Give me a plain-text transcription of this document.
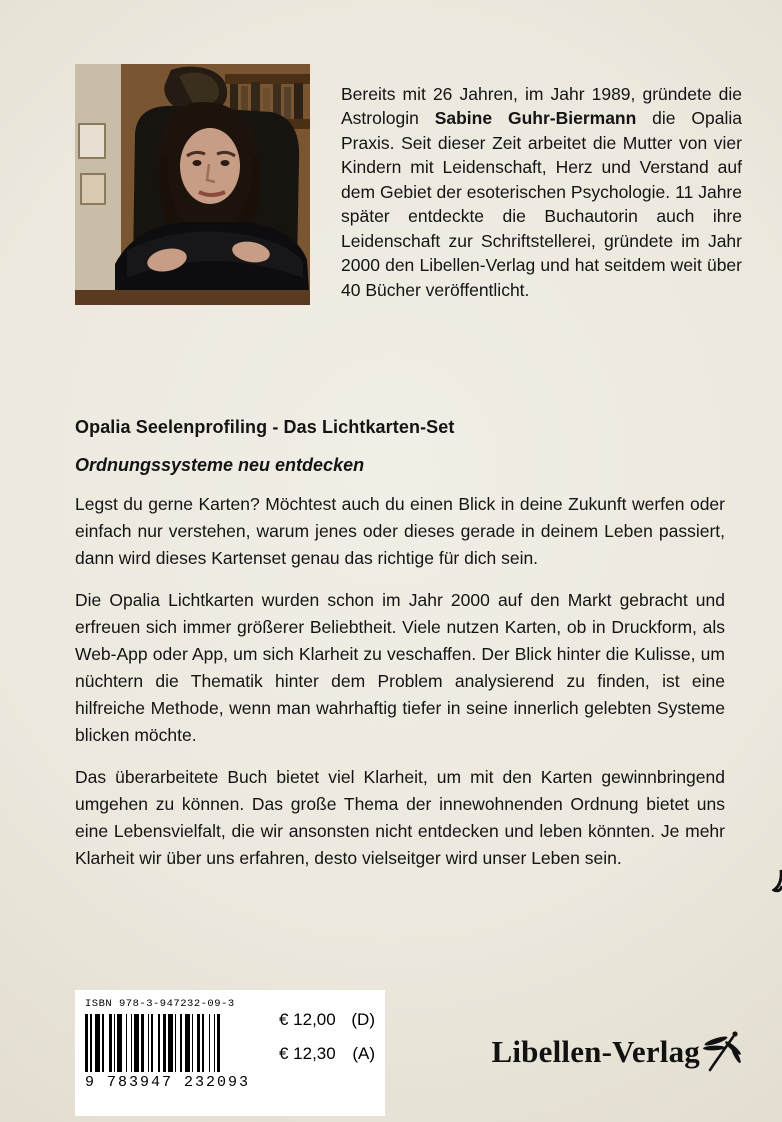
Bereits mit 26 Jahren, im Jahr 1989, gründete die Astrologin Sabine Guhr-Biermann die Opalia Praxis. Seit dieser Zeit arbeitet die Mutter von vier Kindern mit Leidenschaft, Herz und Verstand auf dem Gebiet der esoterischen Psychologie. 11 Jahre später entdeckte die Buchautorin auch ihre Leidenschaft zur Schriftstellerei, gründete im Jahr 2000 den Libellen-Verlag und hat seitdem weit über 40 Bücher veröffentlicht.

Opalia Seelenprofiling - Das Lichtkarten-Set
Ordnungssysteme neu entdecken

Legst du gerne Karten? Möchtest auch du einen Blick in deine Zukunft werfen oder einfach nur verstehen, warum jenes oder dieses gerade in deinem Leben passiert, dann wird dieses Kartenset genau das richtige für dich sein.

Die Opalia Lichtkarten wurden schon im Jahr 2000 auf den Markt gebracht und erfreuen sich immer größerer Beliebtheit. Viele nutzen Karten, ob in Druckform, als Web-App oder App, um sich Klarheit zu veschaffen. Der Blick hinter die Kulisse, um nüchtern die Thematik hinter dem Problem analysierend zu finden, ist eine hilfreiche Methode, wenn man wahrhaftig tiefer in seine innerlich gelebten Systeme blicken möchte.

Das überarbeitete Buch bietet viel Klarheit, um mit den Karten gewinnbringend umgehen zu können. Das große Thema der innewohnenden Ordnung bietet uns eine Lebensvielfalt, die wir ansonsten nicht entdecken und leben könnten. Je mehr Klarheit wir über uns erfahren, desto vielseitger wird unser Leben sein.

ISBN 978-3-947232-09-3
9 783947 232093
€ 12,00 (D)
€ 12,30 (A)	Libellen-Verlag
